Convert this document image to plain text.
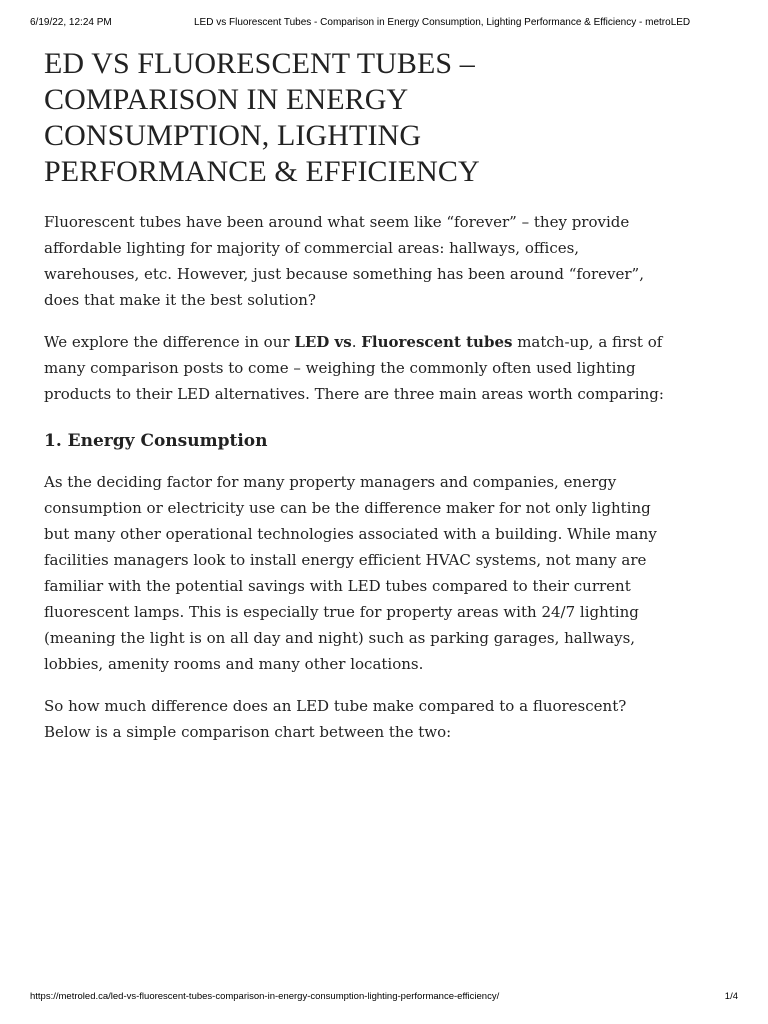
6/19/22, 12:24 PM	LED vs Fluorescent Tubes - Comparison in Energy Consumption, Lighting Performance & Efficiency - metroLED
ED VS FLUORESCENT TUBES –
COMPARISON IN ENERGY
CONSUMPTION, LIGHTING
PERFORMANCE & EFFICIENCY

Fluorescent tubes have been around what seem like “forever” – they provide affordable lighting for majority of commercial areas: hallways, offices, warehouses, etc. However, just because something has been around “forever”, does that make it the best solution?

We explore the difference in our LED vs. Fluorescent tubes match-up, a first of many comparison posts to come – weighing the commonly often used lighting products to their LED alternatives. There are three main areas worth comparing:

1. Energy Consumption

As the deciding factor for many property managers and companies, energy consumption or electricity use can be the difference maker for not only lighting but many other operational technologies associated with a building. While many facilities managers look to install energy efficient HVAC systems, not many are familiar with the potential savings with LED tubes compared to their current fluorescent lamps. This is especially true for property areas with 24/7 lighting (meaning the light is on all day and night) such as parking garages, hallways, lobbies, amenity rooms and many other locations.

So how much difference does an LED tube make compared to a fluorescent? Below is a simple comparison chart between the two:

https://metroled.ca/led-vs-fluorescent-tubes-comparison-in-energy-consumption-lighting-performance-efficiency/	1/4
